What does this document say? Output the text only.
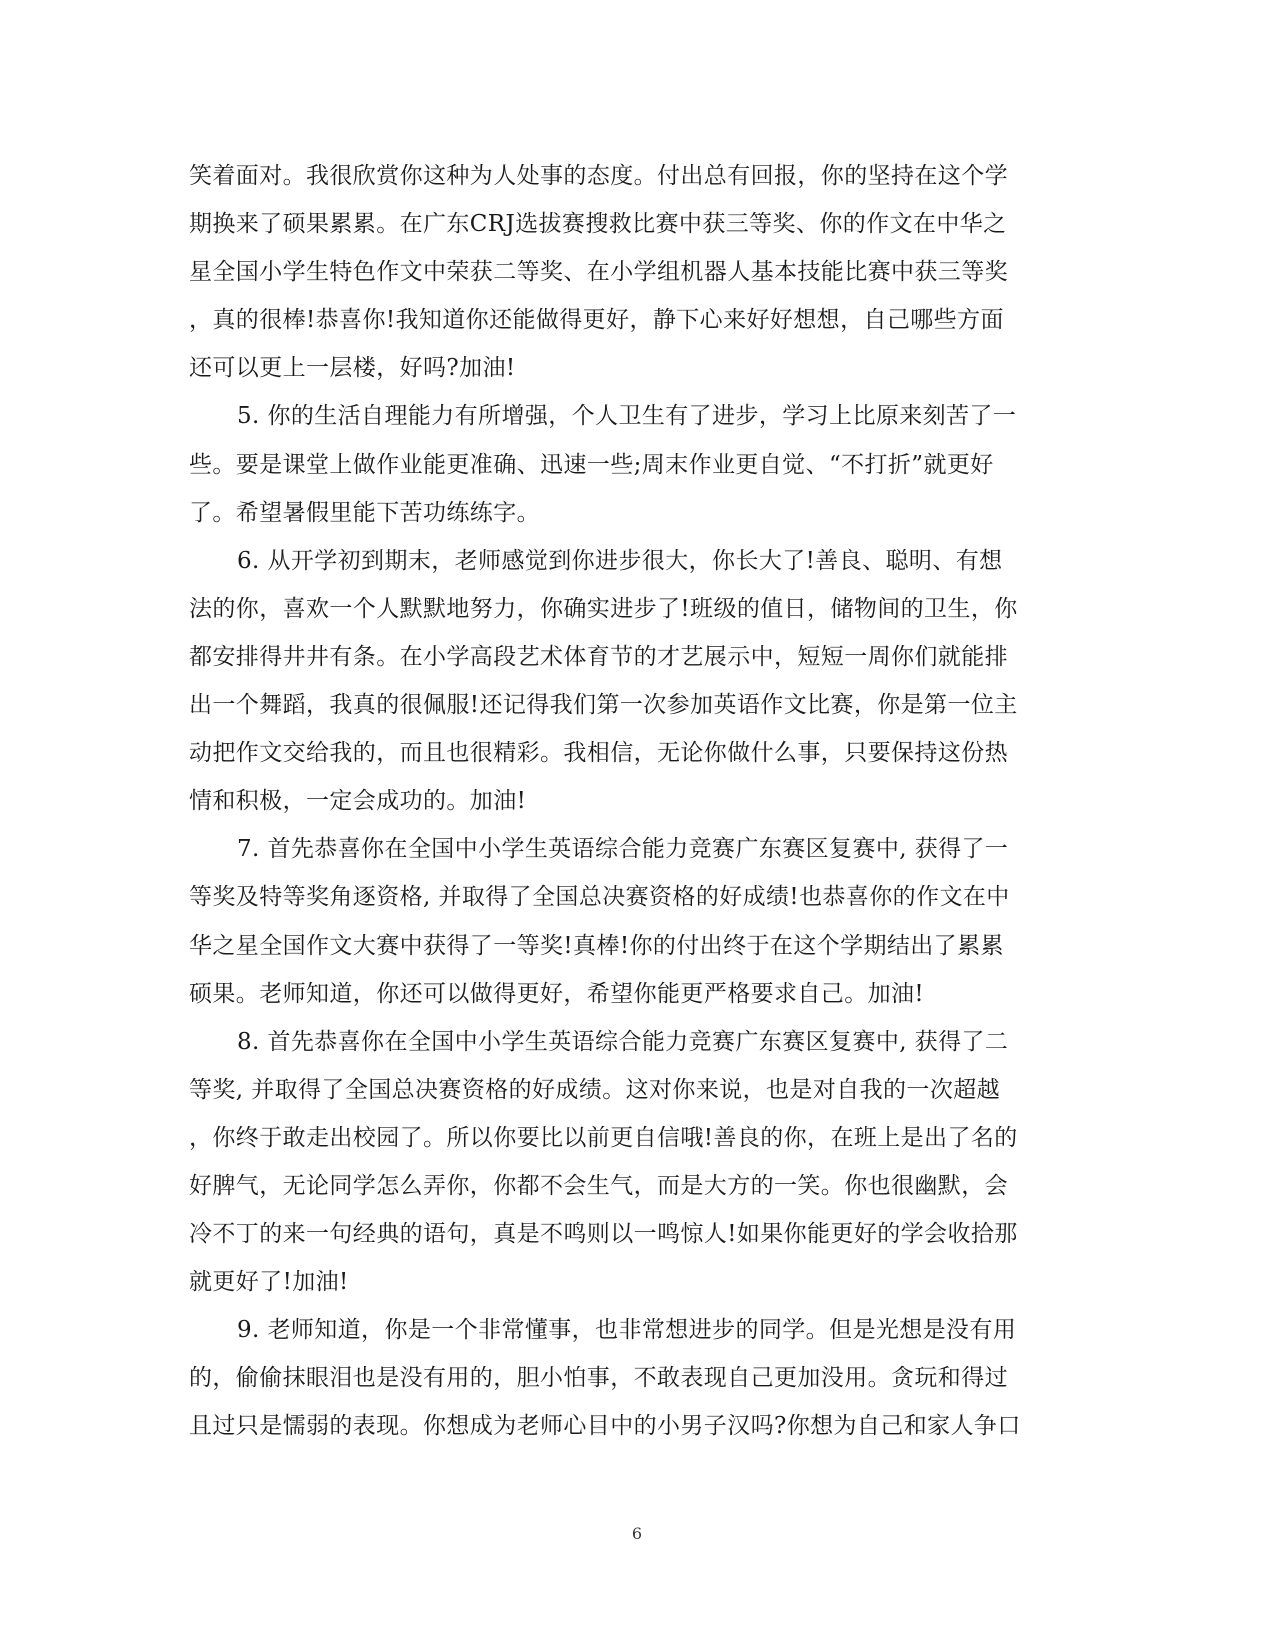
笑着面对。我很欣赏你这种为人处事的态度。付出总有回报，你的坚持在这个学
期换来了硕果累累。在广东CRJ选拔赛搜救比赛中获三等奖、你的作文在中华之
星全国小学生特色作文中荣获二等奖、在小学组机器人基本技能比赛中获三等奖
，真的很棒!恭喜你!我知道你还能做得更好，静下心来好好想想，自己哪些方面
还可以更上一层楼，好吗?加油!
5. 你的生活自理能力有所增强，个人卫生有了进步，学习上比原来刻苦了一
些。要是课堂上做作业能更准确、迅速一些;周末作业更自觉、“不打折”就更好
了。希望暑假里能下苦功练练字。
6. 从开学初到期末，老师感觉到你进步很大，你长大了!善良、聪明、有想
法的你，喜欢一个人默默地努力，你确实进步了!班级的值日，储物间的卫生，你
都安排得井井有条。在小学高段艺术体育节的才艺展示中，短短一周你们就能排
出一个舞蹈，我真的很佩服!还记得我们第一次参加英语作文比赛，你是第一位主
动把作文交给我的，而且也很精彩。我相信，无论你做什么事，只要保持这份热
情和积极，一定会成功的。加油!
7. 首先恭喜你在全国中小学生英语综合能力竞赛广东赛区复赛中, 获得了一
等奖及特等奖角逐资格, 并取得了全国总决赛资格的好成绩!也恭喜你的作文在中
华之星全国作文大赛中获得了一等奖!真棒!你的付出终于在这个学期结出了累累
硕果。老师知道，你还可以做得更好，希望你能更严格要求自己。加油!
8. 首先恭喜你在全国中小学生英语综合能力竞赛广东赛区复赛中, 获得了二
等奖, 并取得了全国总决赛资格的好成绩。这对你来说，也是对自我的一次超越
，你终于敢走出校园了。所以你要比以前更自信哦!善良的你，在班上是出了名的
好脾气，无论同学怎么弄你，你都不会生气，而是大方的一笑。你也很幽默，会
冷不丁的来一句经典的语句，真是不鸣则以一鸣惊人!如果你能更好的学会收拾那
就更好了!加油!
9. 老师知道，你是一个非常懂事，也非常想进步的同学。但是光想是没有用
的，偷偷抹眼泪也是没有用的，胆小怕事，不敢表现自己更加没用。贪玩和得过
且过只是懦弱的表现。你想成为老师心目中的小男子汉吗?你想为自己和家人争口
6
